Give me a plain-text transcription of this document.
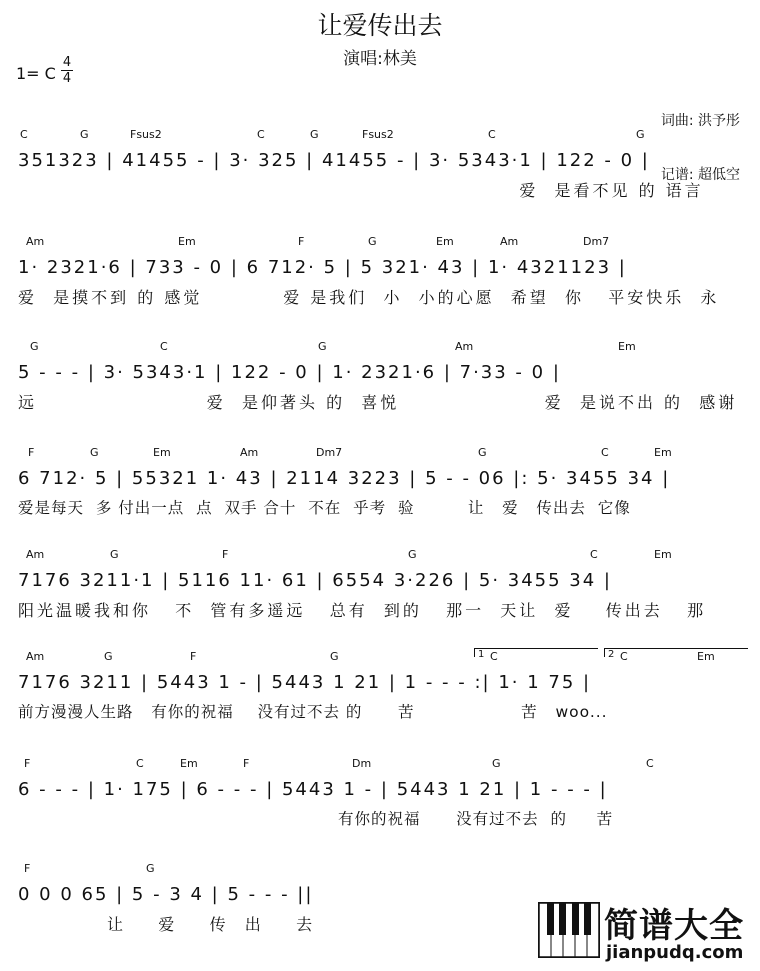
让爱传出去
演唱:林美
1= C
4
4

词曲: 洪予彤

记谱: 超低空

C	G	Fsus2	C	G	Fsus2	C	G
351323 | 41455 - | 3· 325 | 41455 - | 3· 5343·1 | 122 - 0 |
爱  是看不见 的 语言
Am	Em	F	G	Em	Am	Dm7
1· 2321·6 | 733 - 0 | 6 712· 5 | 5 321· 43 | 1· 4321123 |
爱  是摸不到 的 感觉          爱 是我们  小  小的心愿  希望  你   平安快乐  永
G	C	G	Am	Em
5 - - - | 3· 5343·1 | 122 - 0 | 1· 2321·6 | 7·33 - 0 |
远                     爱  是仰著头 的  喜悦                  爱  是说不出 的  感谢
F	G	Em	Am	Dm7	G	C	Em
6 712· 5 | 55321 1· 43 | 2114 3223 | 5 - - 06 |: 5· 3455 34 |
爱是每天  多 付出一点  点  双手 合十  不在  乎考  验         让   爱   传出去  它像
Am	G	F	G	C	Em
7176 3211·1 | 5116 11· 61 | 6554 3·226 | 5· 3455 34 |
阳光温暖我和你   不  管有多遥远   总有  到的   那一  天让  爱    传出去   那
Am	G	F	G	C	C	Em
1	2
7176 3211 | 5443 1 - | 5443 1 21 | 1 - - - :| 1· 1 75 |
前方漫漫人生路   有你的祝福    没有过不去 的      苦                  苦   woo...
F	C	Em	F	Dm	G	C
6 - - - | 1· 175 | 6 - - - | 5443 1 - | 5443 1 21 | 1 - - - |
有你的祝福      没有过不去  的     苦
F	G
0 0 0 65 | 5 - 3 4 | 5 - - - ||
让    爱    传  出    去	简谱大全
jianpudq.com
